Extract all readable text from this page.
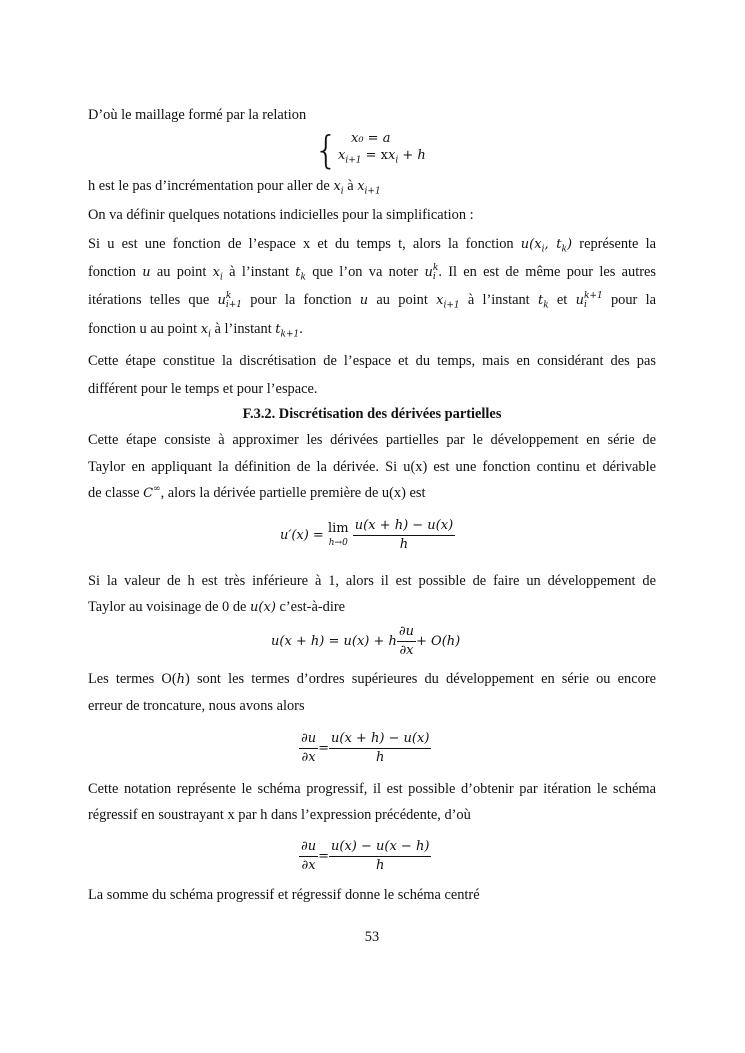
D’où le maillage formé par la relation
{ x₀ = a
$x_{i+1} = xx_i + h$
h est le pas d’incrémentation pour aller de $x_i$ à $x_{i+1}$
On va définir quelques notations indicielles pour la simplification :
Si u est une fonction de l’espace x et du temps t, alors la fonction $u(x_i$, $t_k$) représente la
fonction u au point $x_i$ à l’instant $t_k$ que l’on va noter u k
i . Il en est de même pour les autres
itérations telles que u k
i+1 pour la fonction u au point $x_{i+1}$ à l’instant $t_k$ et u k+1
i	pour la
fonction u au point $x_i$ à l’instant $t_{k+1}$.
Cette étape constitue la discrétisation de l’espace et du temps, mais en considérant des pas
différent pour le temps et pour l’espace.
F.3.2. Discrétisation des dérivées partielles
Cette étape consiste à approximer les dérivées partielles par le développement en série de
Taylor en appliquant la définition de la dérivée. Si u(x) est une fonction continu et dérivable
de classe C∞, alors la dérivée partielle première de u(x) est
u′(x) = lim
h→0
$\frac{u(x + h) - u(x)}{h}$
Si la valeur de h est très inférieure à 1, alors il est possible de faire un développement de
Taylor au voisinage de 0 de u(x) c’est-à-dire
u(x + h) = u(x) + h $\frac{\partial u}{\partial x} + O(h)$
Les termes O(h) sont les termes d’ordres supérieures du développement en série ou encore
erreur de troncature, nous avons alors
$\frac{\partial u}{\partial x} = \frac{u(x + h) - u(x)}{h}$
Cette notation représente le schéma progressif, il est possible d’obtenir par itération le schéma
régressif en soustrayant x par h dans l’expression précédente, d’où
$\frac{\partial u}{\partial x} = \frac{u(x) - u(x - h)}{h}$
La somme du schéma progressif et régressif donne le schéma centré
53
